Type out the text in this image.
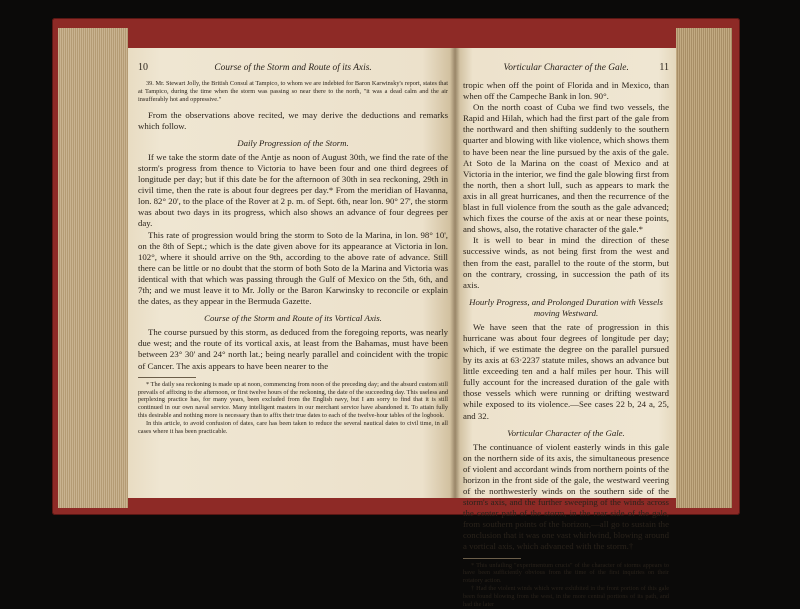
10	Course of the Storm and Route of its Axis.

39. Mr. Stewart Jolly, the British Consul at Tampico, to whom we are indebted for Baron Karwinsky's report, states that at Tampico, during the time when the storm was passing so near there to the north, "it was a dead calm and the air insufferably hot and oppressive."

From the observations above recited, we may derive the deductions and remarks which follow.

Daily Progression of the Storm.

If we take the storm date of the Antje as noon of August 30th, we find the rate of the storm's progress from thence to Victoria to have been four and one third degrees of longitude per day; but if this date be for the afternoon of 30th in sea reckoning, 29th in civil time, then the rate is about four degrees per day.* From the meridian of Havanna, lon. 82° 20', to the place of the Rover at 2 p. m. of Sept. 6th, near lon. 90° 27', the storm was about two days in its progress, which also shows an advance of four degrees per day.

This rate of progression would bring the storm to Soto de la Marina, in lon. 98° 10', on the 8th of Sept.; which is the date given above for its appearance at Victoria in lon. 102°, where it should arrive on the 9th, according to the above rate of advance. Still there can be little or no doubt that the storm of both Soto de la Marina and Victoria was identical with that which was passing through the Gulf of Mexico on the 5th, 6th, and 7th; and we must leave it to Mr. Jolly or the Baron Karwinsky to reconcile or explain the dates, as they appear in the Bermuda Gazette.

Course of the Storm and Route of its Vortical Axis.

The course pursued by this storm, as deduced from the foregoing reports, was nearly due west; and the route of its vortical axis, at least from the Bahamas, must have been between 23° 30' and 24° north lat.; being nearly parallel and coincident with the tropic of Cancer. The axis appears to have been nearer to the

* The daily sea reckoning is made up at noon, commencing from noon of the preceding day; and the absurd custom still prevails of affixing to the afternoon, or first twelve hours of the reckoning, the date of the succeeding day. This useless and perplexing practice has, for many years, been excluded from the English navy, but I am sorry to find that it is still continued in our own naval service. Many intelligent masters in our merchant service have abandoned it. To attain fully this desirable and nothing more is necessary than to affix their true dates to each of the twelve-hour tables of the logbook.

In this article, to avoid confusion of dates, care has been taken to reduce the several nautical dates to civil time, in all cases where it has been practicable.

Vorticular Character of the Gale.	11

tropic when off the point of Florida and in Mexico, than when off the Campeche Bank in lon. 90°.

On the north coast of Cuba we find two vessels, the Rapid and Hilah, which had the first part of the gale from the northward and then shifting suddenly to the southern quarter and blowing with like violence, which shows them to have been near the line pursued by the axis of the gale. At Soto de la Marina on the coast of Mexico and at Victoria in the interior, we find the gale blowing first from the north, then a short lull, such as appears to mark the axis in all great hurricanes, and then the recurrence of the blast in full violence from the south as the gale advanced; which fixes the course of the axis at or near these points, and shows, also, the rotative character of the gale.*

It is well to bear in mind the direction of these successive winds, as not being first from the west and then from the east, parallel to the route of the storm, but on the contrary, crossing, in succession the path of its axis.

Hourly Progress, and Prolonged Duration with Vessels moving Westward.

We have seen that the rate of progression in this hurricane was about four degrees of longitude per day; which, if we estimate the degree on the parallel pursued by its axis at 63·2237 statute miles, shows an advance but little exceeding ten and a half miles per hour. This will fully account for the increased duration of the gale with those vessels which were running or drifting westward while exposed to its violence.—See cases 22 b, 24 a, 25, and 32.

Vorticular Character of the Gale.

The continuance of violent easterly winds in this gale on the northern side of its axis, the simultaneous presence of violent and accordant winds from northern points of the horizon in the front side of the gale, the westward veering of the northwesterly winds on the southern side of the storm's axis, and the further sweeping of the winds across the center path of the storm, in the rear side of the gale, from southern points of the horizon,—all go to sustain the conclusion that it was one vast whirlwind, blowing around a vortical axis, which advanced with the storm.†

* This unfailing "experimentum crucis" of the character of storms appears to have been sufficiently obvious from the time of the first inquiries on their rotatory action.

† Had the violent winds which were exhibited in the front portion of this gale been found blowing from the west, in the more central portions of its path, and had the later
